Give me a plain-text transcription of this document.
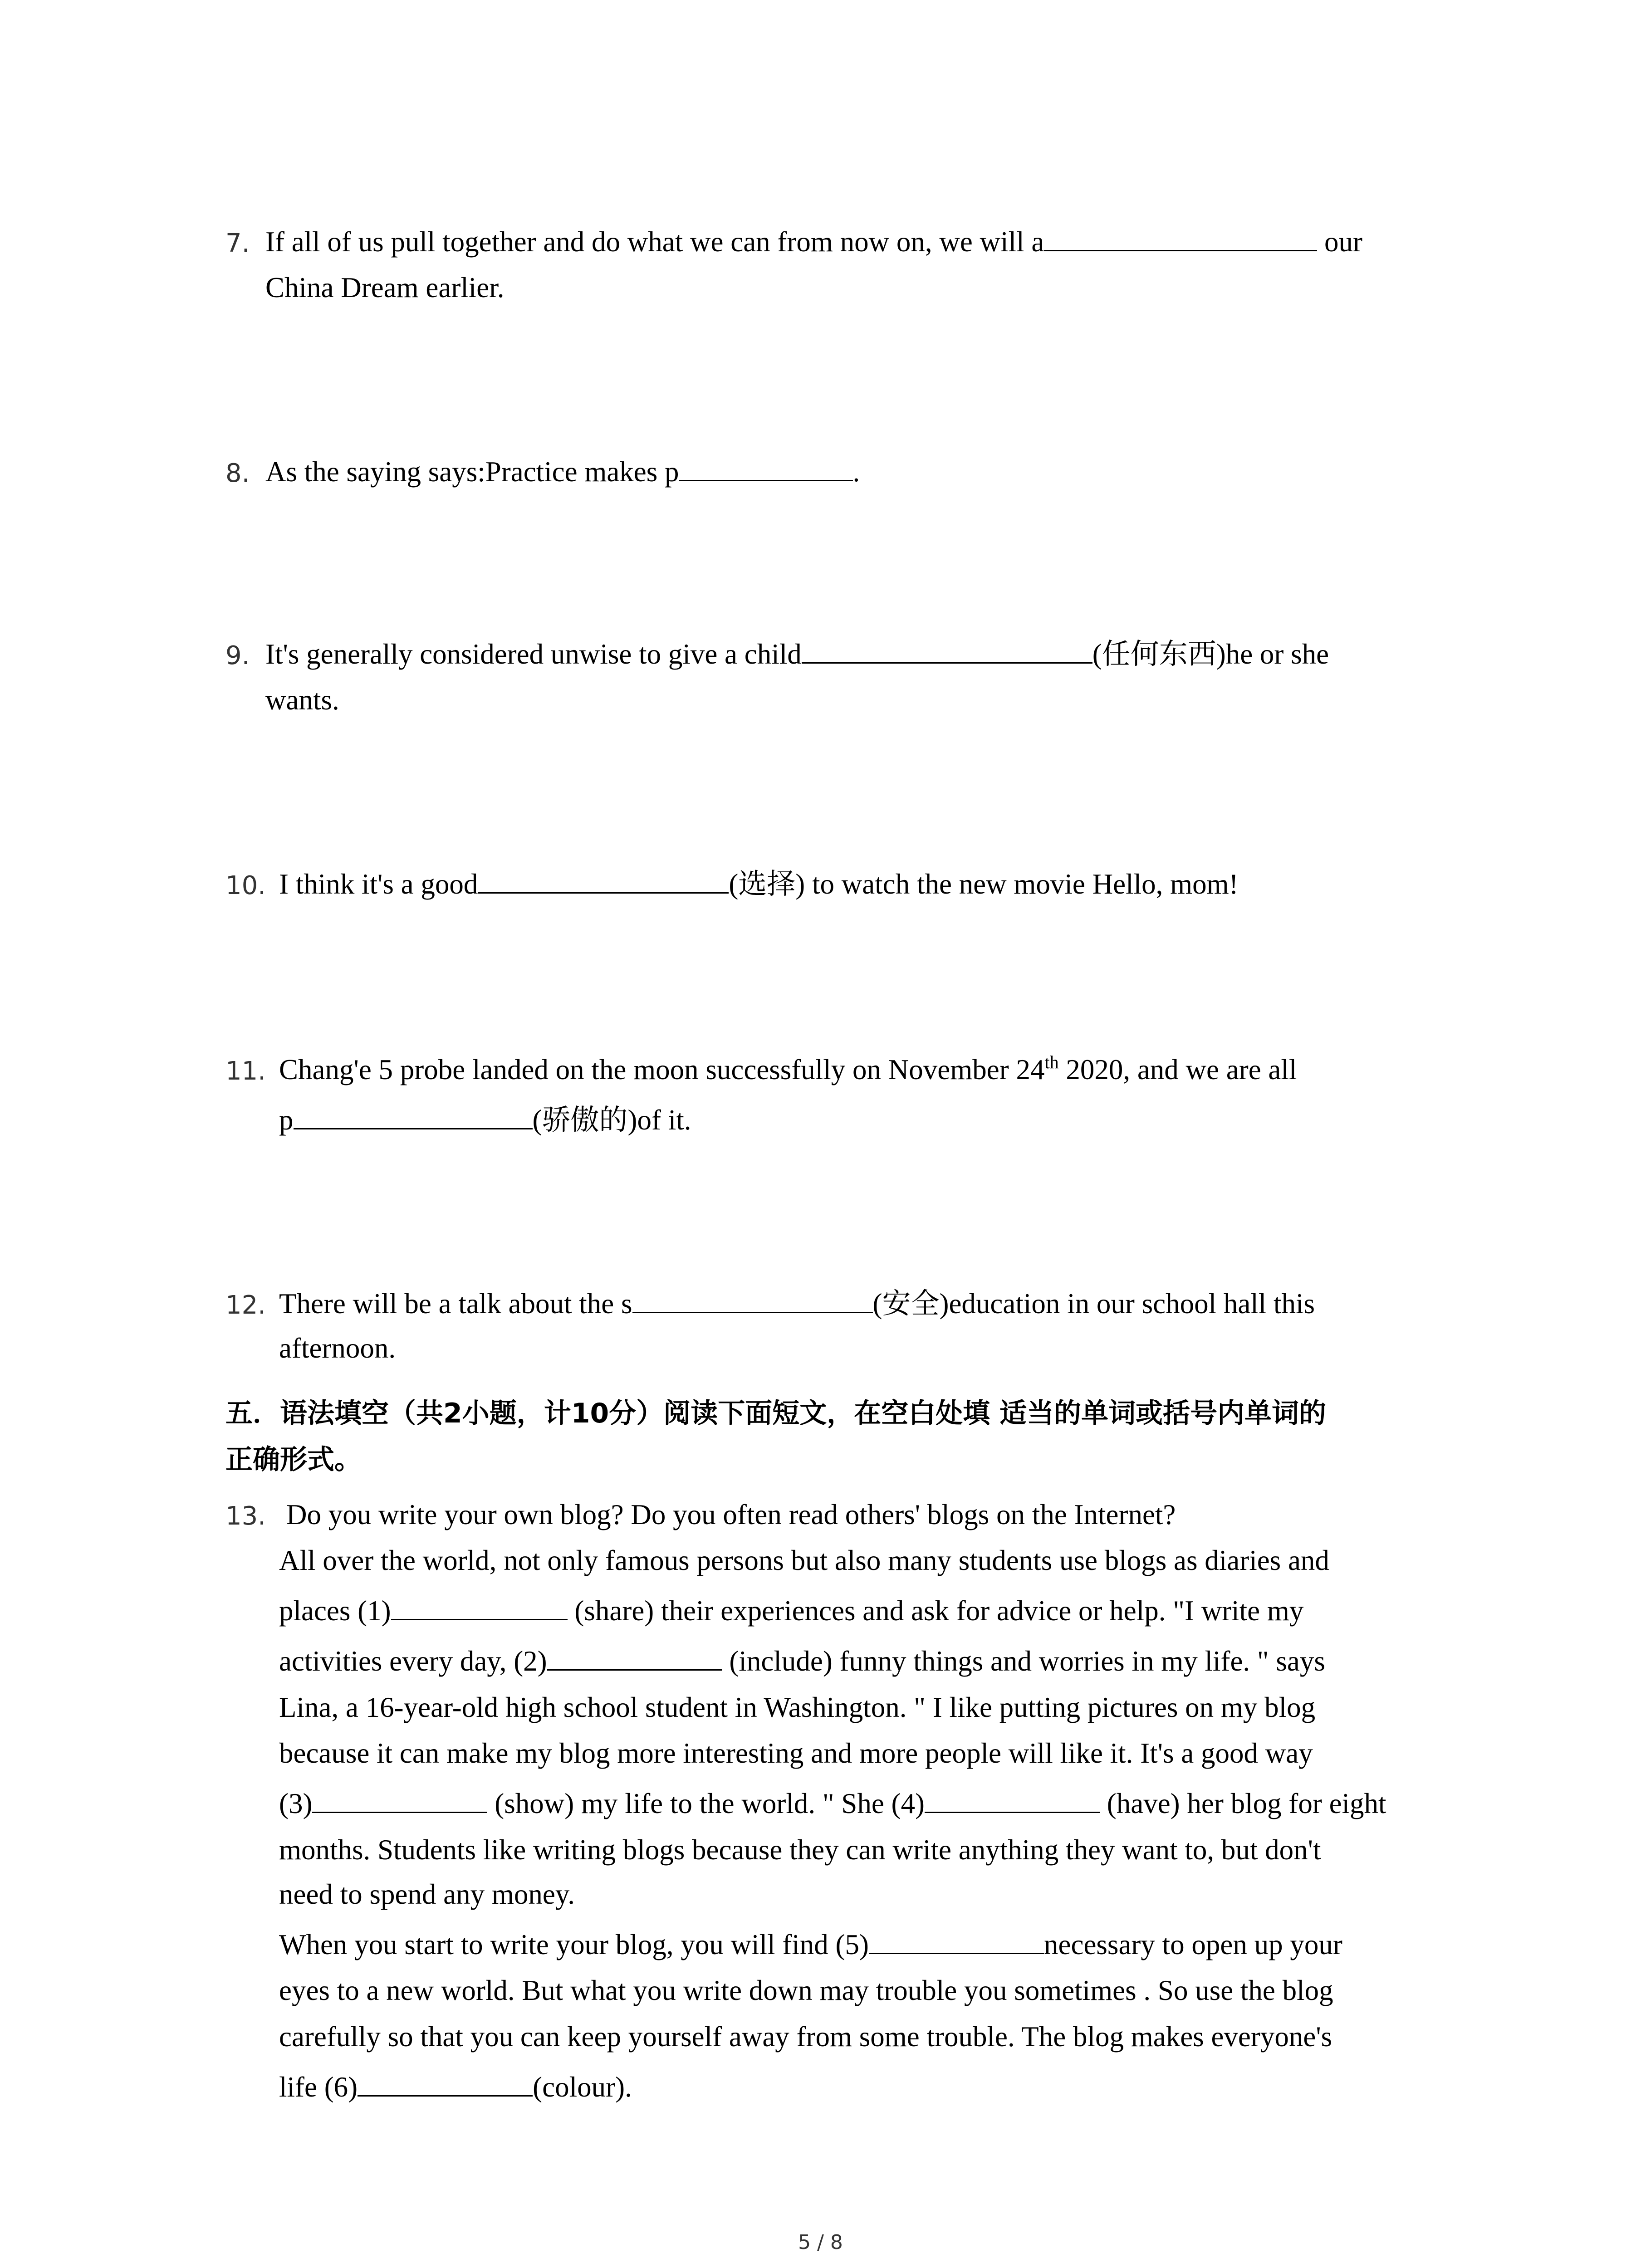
7. If all of us pull together and do what we can from now on, we will a	our
China Dream earlier.
8. As the saying says:Practice makes p	.
9. It's generally considered unwise to give a child	(任何东西)he or she
wants.
10. I think it's a good	(选择) to watch the new movie Hello, mom!
11. Chang'e 5 probe landed on the moon successfully on November 24th 2020, and we are all
p	(骄傲的)of it.
12. There will be a talk about the s	(安全)education in our school hall this
afternoon.
五．语法填空（共2小题，计10分）阅读下面短文，在空白处填 适当的单词或括号内单词的
正确形式。
13. Do you write your own blog? Do you often read others' blogs on the Internet?
All over the world, not only famous persons but also many students use blogs as diaries and
places (1)	(share) their experiences and ask for advice or help. "I write my
activities every day, (2)	(include) funny things and worries in my life. " says
Lina, a 16-year-old high school student in Washington. " I like putting pictures on my blog
because it can make my blog more interesting and more people will like it. It's a good way
(3)	(show) my life to the world. " She (4)	(have) her blog for eight
months. Students like writing blogs because they can write anything they want to, but don't
need to spend any money.
When you start to write your blog, you will find (5)	necessary to open up your
eyes to a new world. But what you write down may trouble you sometimes . So use the blog
carefully so that you can keep yourself away from some trouble. The blog makes everyone's
life (6)	(colour).
5 / 8
